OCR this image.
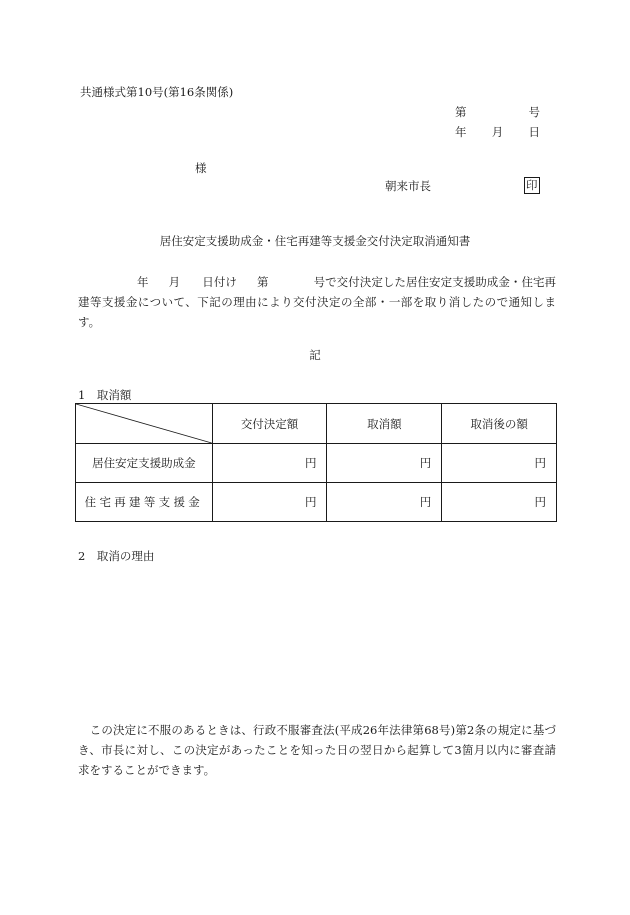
共通様式第10号(第16条関係)
第	号
年 月 日
様
朝来市長	印
居住安定支援助成金・住宅再建等支援金交付決定取消通知書
年 月 日付け 第	号で交付決定した居住安定支援助成金・住宅再建等支援金について、下記の理由により交付決定の全部・一部を取り消したので通知します。
記
1　取消額
	交付決定額	取消額	取消後の額
居住安定支援助成金	円	円	円
住宅再建等支援金	円	円	円
2　取消の理由
 この決定に不服のあるときは、行政不服審査法(平成26年法律第68号)第2条の規定に基づき、市長に対し、この決定があったことを知った日の翌日から起算して3箇月以内に審査請求をすることができます。
